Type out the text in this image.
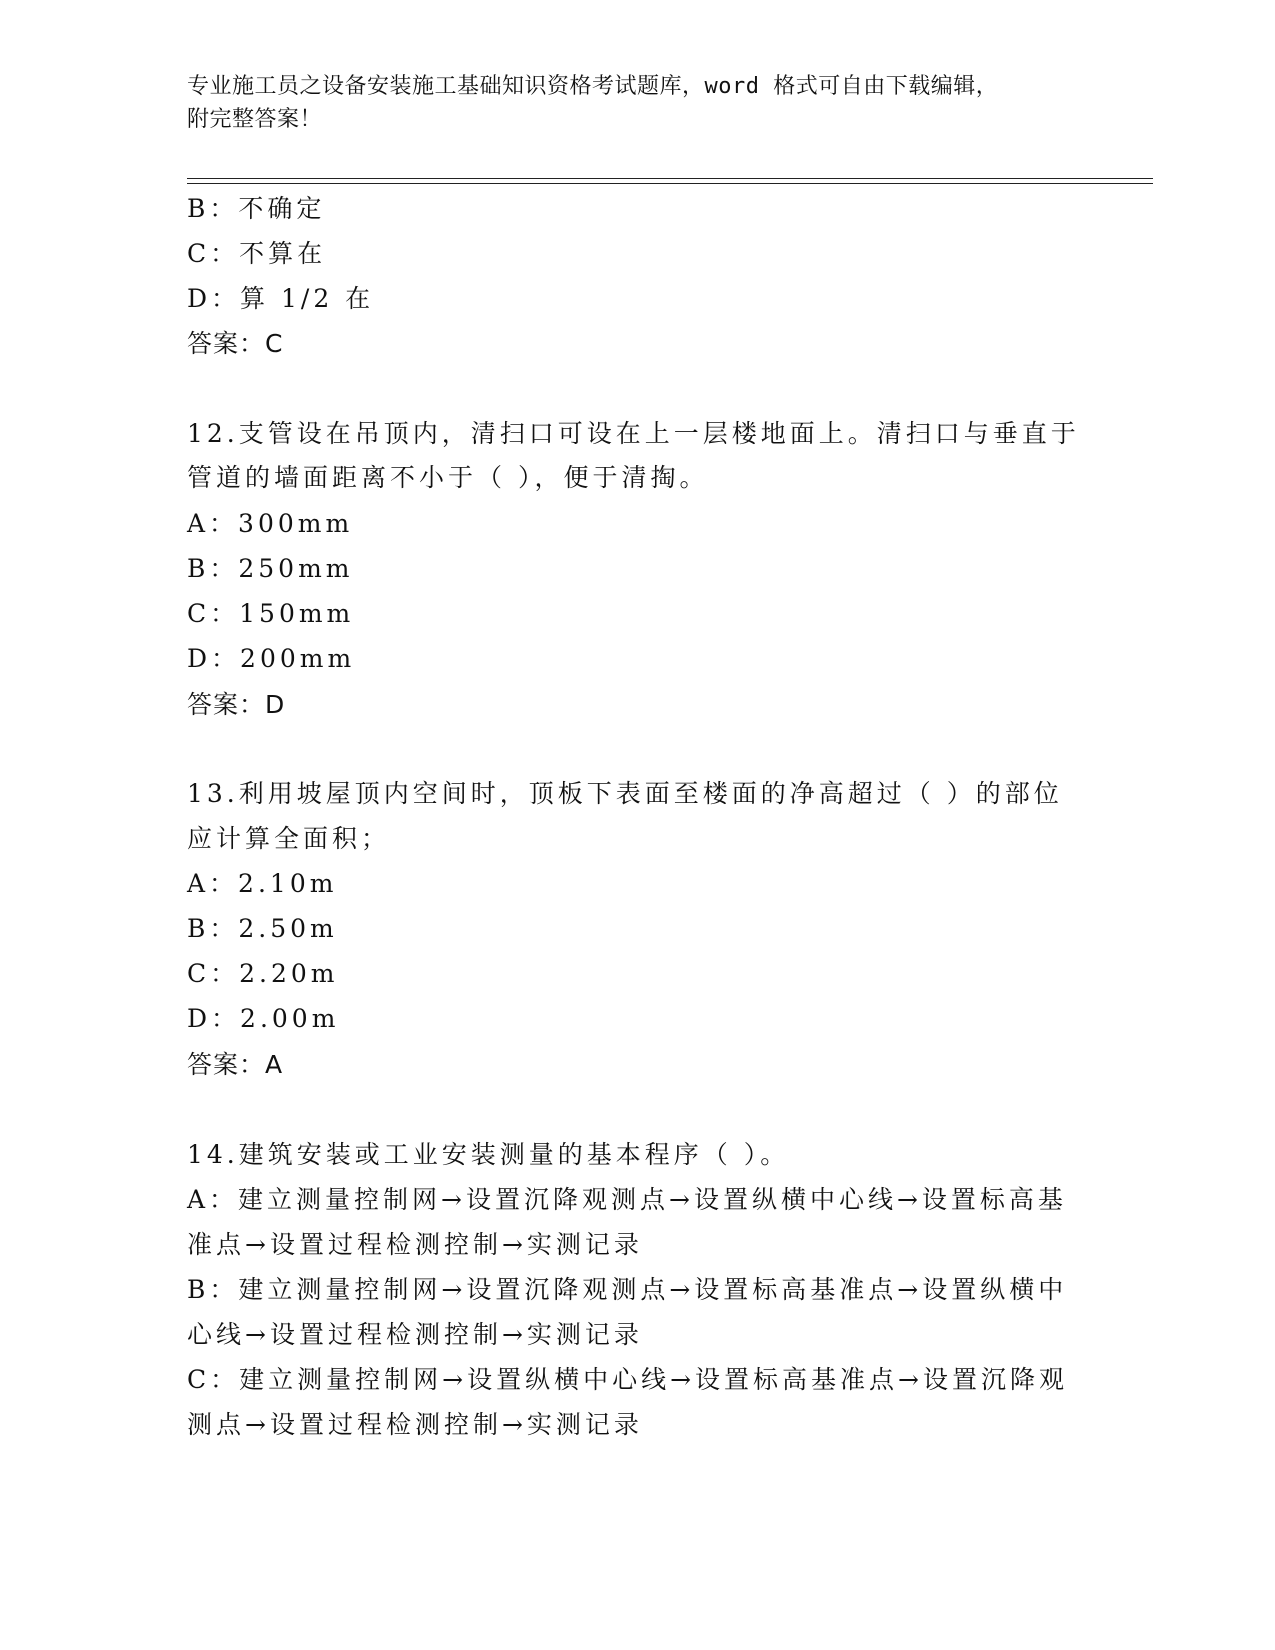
专业施工员之设备安装施工基础知识资格考试题库，word 格式可自由下载编辑，
附完整答案！
B：不确定
C：不算在
D：算 1/2 在
答案：C
12.支管设在吊顶内，清扫口可设在上一层楼地面上。清扫口与垂直于
管道的墙面距离不小于（ ），便于清掏。
A：300mm
B：250mm
C：150mm
D：200mm
答案：D
13.利用坡屋顶内空间时，顶板下表面至楼面的净高超过（ ）的部位
应计算全面积；
A：2.10m
B：2.50m
C：2.20m
D：2.00m
答案：A
14.建筑安装或工业安装测量的基本程序（ ）。
A：建立测量控制网→设置沉降观测点→设置纵横中心线→设置标高基
准点→设置过程检测控制→实测记录
B：建立测量控制网→设置沉降观测点→设置标高基准点→设置纵横中
心线→设置过程检测控制→实测记录
C：建立测量控制网→设置纵横中心线→设置标高基准点→设置沉降观
测点→设置过程检测控制→实测记录
